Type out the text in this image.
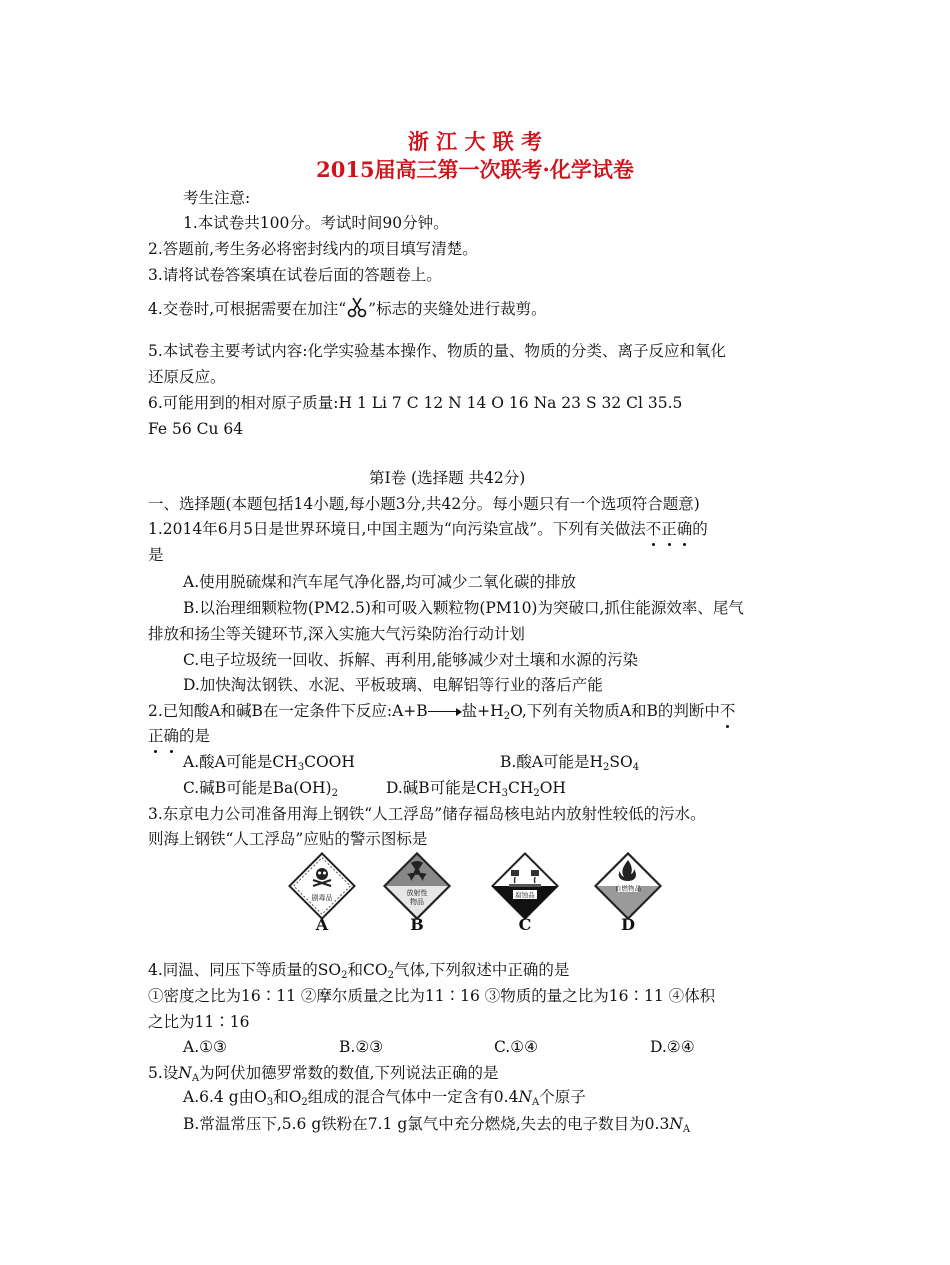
浙 江 大 联 考
2015届高三第一次联考·化学试卷
考生注意:
1.本试卷共100分。考试时间90分钟。
2.答题前,考生务必将密封线内的项目填写清楚。
3.请将试卷答案填在试卷后面的答题卷上。
4.交卷时,可根据需要在加注“ ”标志的夹缝处进行裁剪。
5.本试卷主要考试内容:化学实验基本操作、物质的量、物质的分类、离子反应和氧化
还原反应。
6.可能用到的相对原子质量:H 1 Li 7 C 12 N 14 O 16 Na 23 S 32 Cl 35.5
Fe 56 Cu 64
第Ⅰ卷 (选择题 共42分)
一、选择题(本题包括14小题,每小题3分,共42分。每小题只有一个选项符合题意)
1.2014年6月5日是世界环境日,中国主题为“向污染宣战”。下列有关做法不正确的
是
A.使用脱硫煤和汽车尾气净化器,均可减少二氧化碳的排放
B.以治理细颗粒物(PM2.5)和可吸入颗粒物(PM10)为突破口,抓住能源效率、尾气
排放和扬尘等关键环节,深入实施大气污染防治行动计划
C.电子垃圾统一回收、拆解、再利用,能够减少对土壤和水源的污染
D.加快淘汰钢铁、水泥、平板玻璃、电解铝等行业的落后产能
2.已知酸A和碱B在一定条件下反应:A+B 盐$+H_2O$,下列有关物质A和B的判断中不
正确的是
A.酸A可能是$CH_3COOH$	B.酸A可能是$H_2SO_4$
C.碱B可能是$Ba(OH)_2$	D.碱B可能是$CH_3CH_2OH$
3.东京电力公司准备用海上钢铁“人工浮岛”储存福岛核电站内放射性较低的污水。
则海上钢铁“人工浮岛”应贴的警示图标是
剧毒品
A
放射性
物品
B
腐蚀品
C
自燃物品
D
4.同温、同压下等质量的$SO_2$和$CO_2$气体,下列叙述中正确的是
①密度之比为16∶11 ②摩尔质量之比为11∶16 ③物质的量之比为16∶11 ④体积
之比为11∶16
A.①③	B.②③	C.①④	D.②④
5.设$N_A$为阿伏加德罗常数的数值,下列说法正确的是
A.6.4 g由$O_3$和$O_2$组成的混合气体中一定含有$0.4N_A$个原子
B.常温常压下,5.6 g铁粉在7.1 g氯气中充分燃烧,失去的电子数目为$0.3N_A$
